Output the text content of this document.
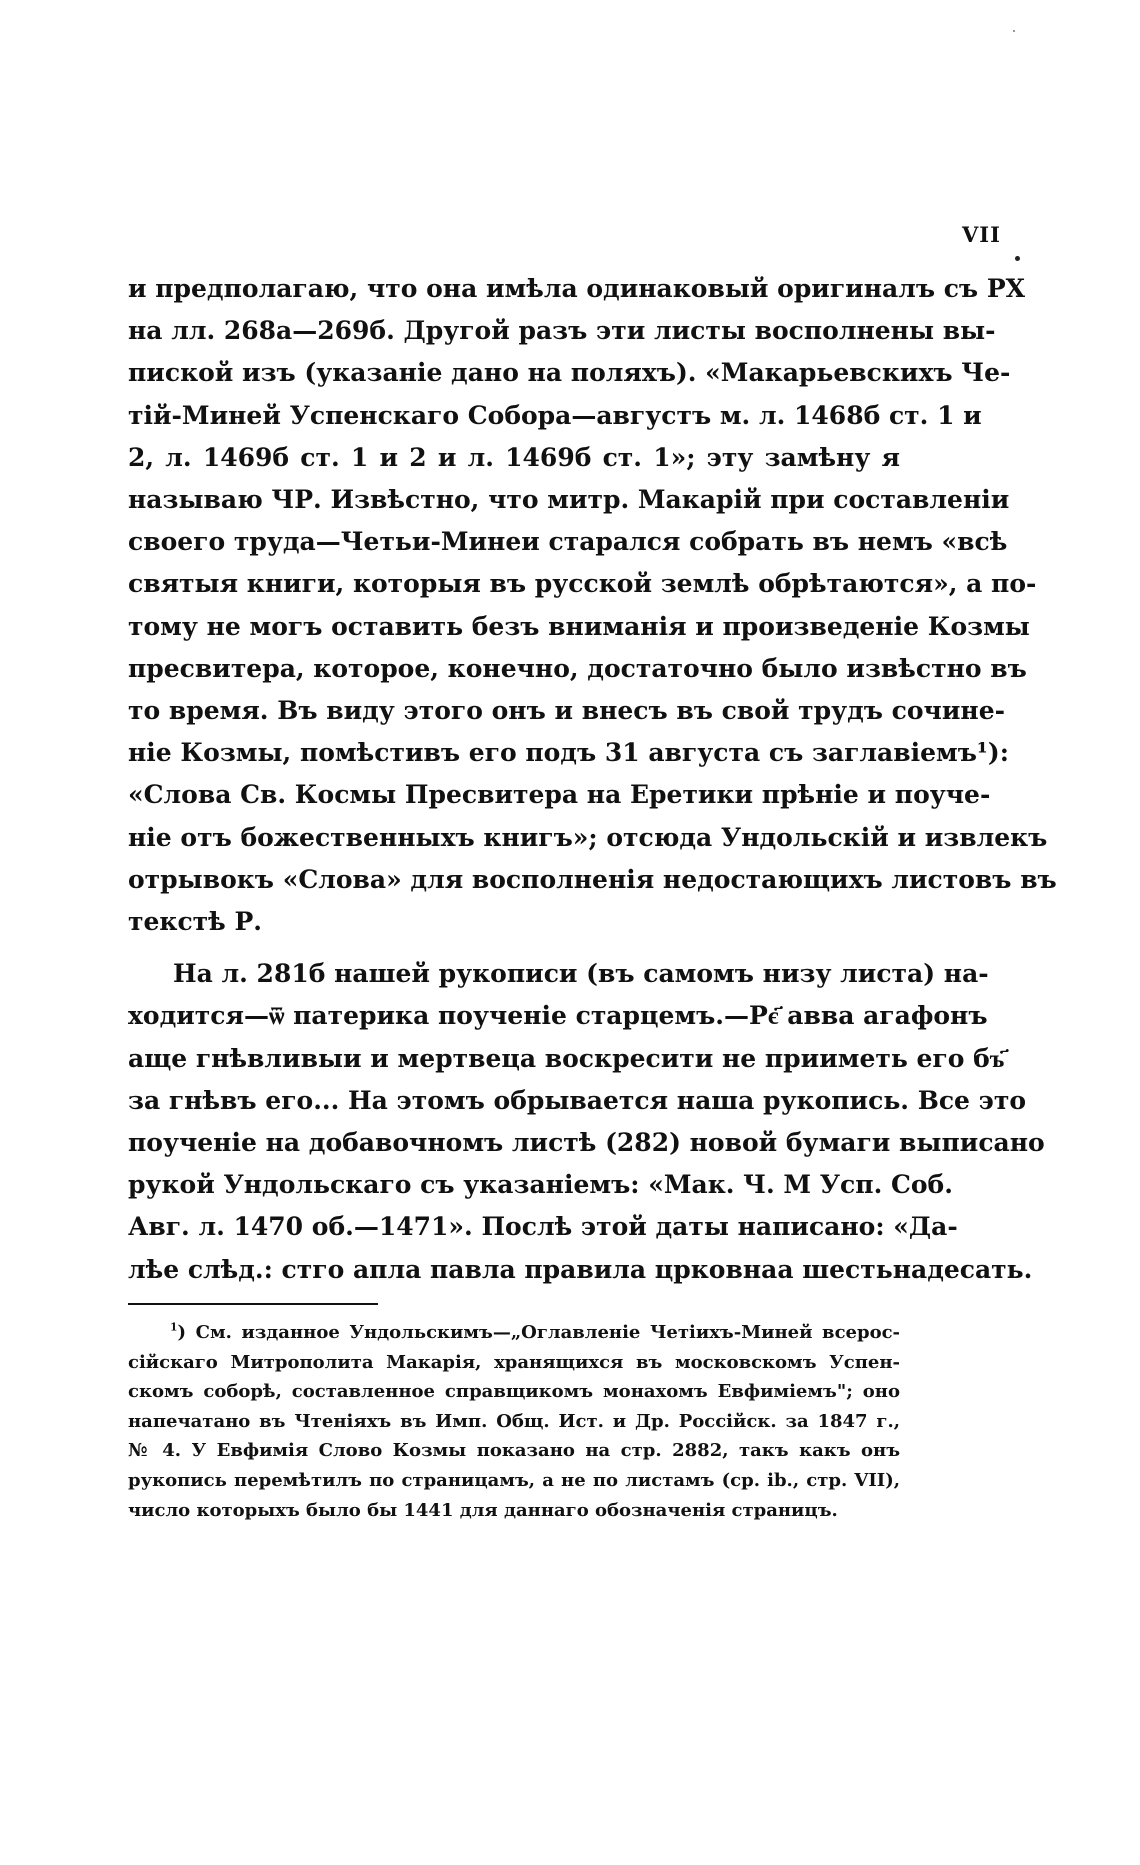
VII
и предполагаю, что она имѣла одинаковый оригиналъ съ РХ
на лл. 268а—269б. Другой разъ эти листы восполнены вы-
пиской изъ (указаніе дано на поляхъ). «Макарьевскихъ Че-
тій-Миней Успенскаго Собора—августъ м. л. 1468б ст. 1 и
2, л. 1469б ст. 1 и 2 и л. 1469б ст. 1»; эту замѣну я
называю ЧР. Извѣстно, что митр. Макарій при составленіи
своего труда—Четьи-Минеи старался собрать въ немъ «всѣ
святыя книги, которыя въ русской землѣ обрѣтаются», а по-
тому не могъ оставить безъ вниманія и произведеніе Козмы
пресвитера, которое, конечно, достаточно было извѣстно въ
то время. Въ виду этого онъ и внесъ въ свой трудъ сочине-
ніе Козмы, помѣстивъ его подъ 31 августа съ заглавіемъ¹):
«Слова Св. Космы Пресвитера на Еретики прѣніе и поуче-
ніе отъ божественныхъ книгъ»; отсюда Ундольскій и извлекъ
отрывокъ «Слова» для восполненія недостающихъ листовъ въ
текстѣ Р.
На л. 281б нашей рукописи (въ самомъ низу листа) на-
ходится—ѿ патерика поученіе старцемъ.—Рє҃ авва агафонъ
аще гнѣвливыи и мертвеца воскресити не прииметь его бъ҃
за гнѣвъ его... На этомъ обрывается наша рукопись. Все это
поученіе на добавочномъ листѣ (282) новой бумаги выписано
рукой Ундольскаго съ указаніемъ: «Мак. Ч. М Усп. Соб.
Авг. л. 1470 об.—1471». Послѣ этой даты написано: «Да-
лѣе слѣд.: стго апла павла правила црковнаа шестьнадесать.
$^1$) См. изданное Ундольскимъ—„Оглавленіе Четіихъ-Миней всерос-
сійскаго Митрополита Макарія, хранящихся въ московскомъ Успен-
скомъ соборѣ, составленное справщикомъ монахомъ Евфиміемъ"; оно
напечатано въ Чтеніяхъ въ Имп. Общ. Ист. и Др. Россійск. за 1847 г.,
№ 4. У Евфимія Слово Козмы показано на стр. 2882, такъ какъ онъ
рукопись перемѣтилъ по страницамъ, а не по листамъ (ср. іb., стр. VII),
число которыхъ было бы 1441 для даннаго обозначенія страницъ.
